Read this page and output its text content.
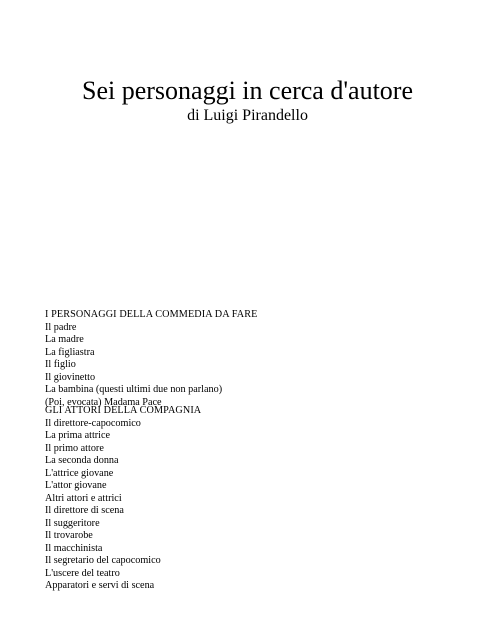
Sei personaggi in cerca d'autore
di Luigi Pirandello
I PERSONAGGI DELLA COMMEDIA DA FARE
Il padre
La madre
La figliastra
Il figlio
Il giovinetto
La bambina (questi ultimi due non parlano)
(Poi, evocata) Madama Pace
GLI ATTORI DELLA COMPAGNIA
Il direttore-capocomico
La prima attrice
Il primo attore
La seconda donna
L'attrice giovane
L'attor giovane
Altri attori e attrici
Il direttore di scena
Il suggeritore
Il trovarobe
Il macchinista
Il segretario del capocomico
L'uscere del teatro
Apparatori e servi di scena
